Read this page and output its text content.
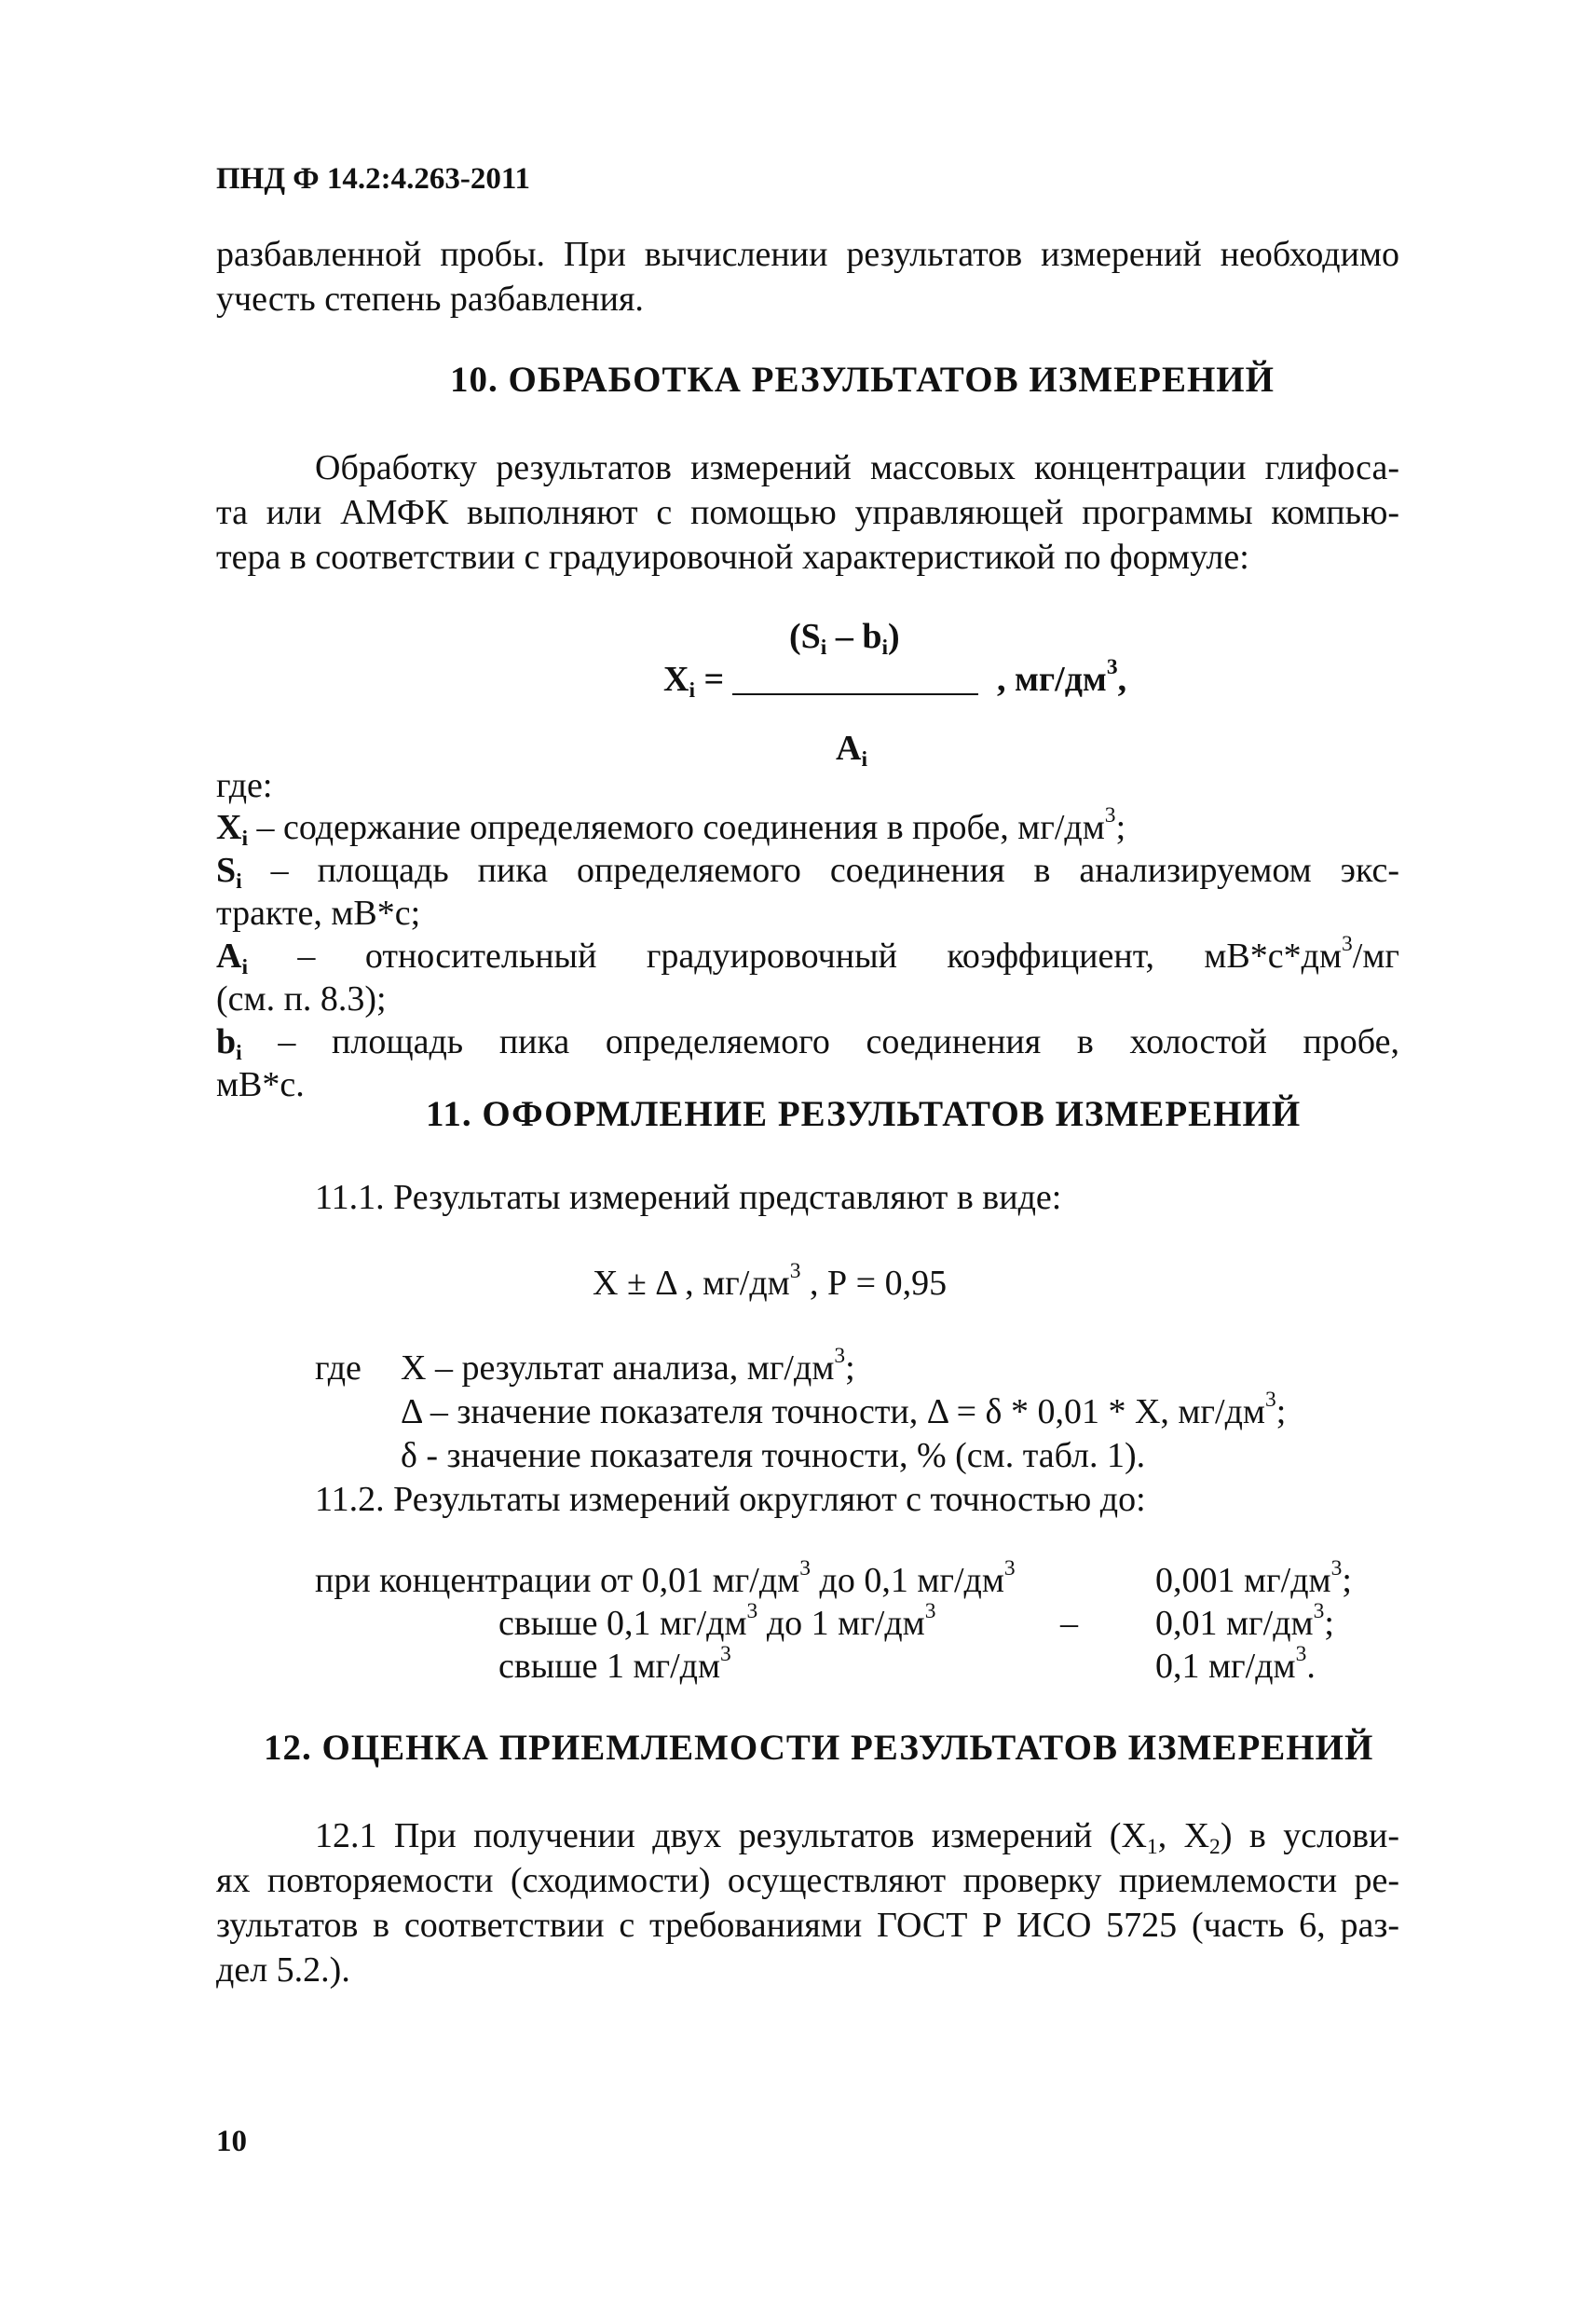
ПНД Ф 14.2:4.263-2011
разбавленной пробы. При вычислении результатов измерений необходимо
учесть степень разбавления.
10. ОБРАБОТКА РЕЗУЛЬТАТОВ ИЗМЕРЕНИЙ
Обработку результатов измерений массовых концентрации глифоса-
та или АМФК выполняют с помощью управляющей программы компью-
тера в соответствии с градуировочной характеристикой по формуле:
$(S_i - b_i)$
$X_i$ =	, $мг/дм^3$,
$A_i$
где:
$X_i$ – содержание определяемого соединения в пробе, $мг/дм^3$;
$S_i$ – площадь пика определяемого соединения в анализируемом экс-
тракте, мВ*с;
$A_i$ – относительный градуировочный коэффициент, $мВ*с*дм^3/мг$
(см. п. 8.3);
$b_i$ – площадь пика определяемого соединения в холостой пробе,
мВ*с.
11. ОФОРМЛЕНИЕ РЕЗУЛЬТАТОВ ИЗМЕРЕНИЙ
11.1. Результаты измерений представляют в виде:
X ± Δ , $мг/дм^3$ , Р = 0,95
где X – результат анализа, $мг/дм^3$;
Δ – значение показателя точности, Δ = δ * 0,01 * X, $мг/дм^3$;
δ - значение показателя точности, % (см. табл. 1).
11.2. Результаты измерений округляют с точностью до:
при концентрации от 0,01 $мг/дм^3$ до 0,1 $мг/дм^3$	0,001 $мг/дм^3$;
свыше 0,1 $мг/дм^3$ до 1 $мг/дм^3$	– 0,01 $мг/дм^3$;
свыше 1 $мг/дм^3$	0,1 $мг/дм^3$.
12. ОЦЕНКА ПРИЕМЛЕМОСТИ РЕЗУЛЬТАТОВ ИЗМЕРЕНИЙ
12.1 При получении двух результатов измерений ($X_1$, $X_2$) в услови-
ях повторяемости (сходимости) осуществляют проверку приемлемости ре-
зультатов в соответствии с требованиями ГОСТ Р ИСО 5725 (часть 6, раз-
дел 5.2.).
10
